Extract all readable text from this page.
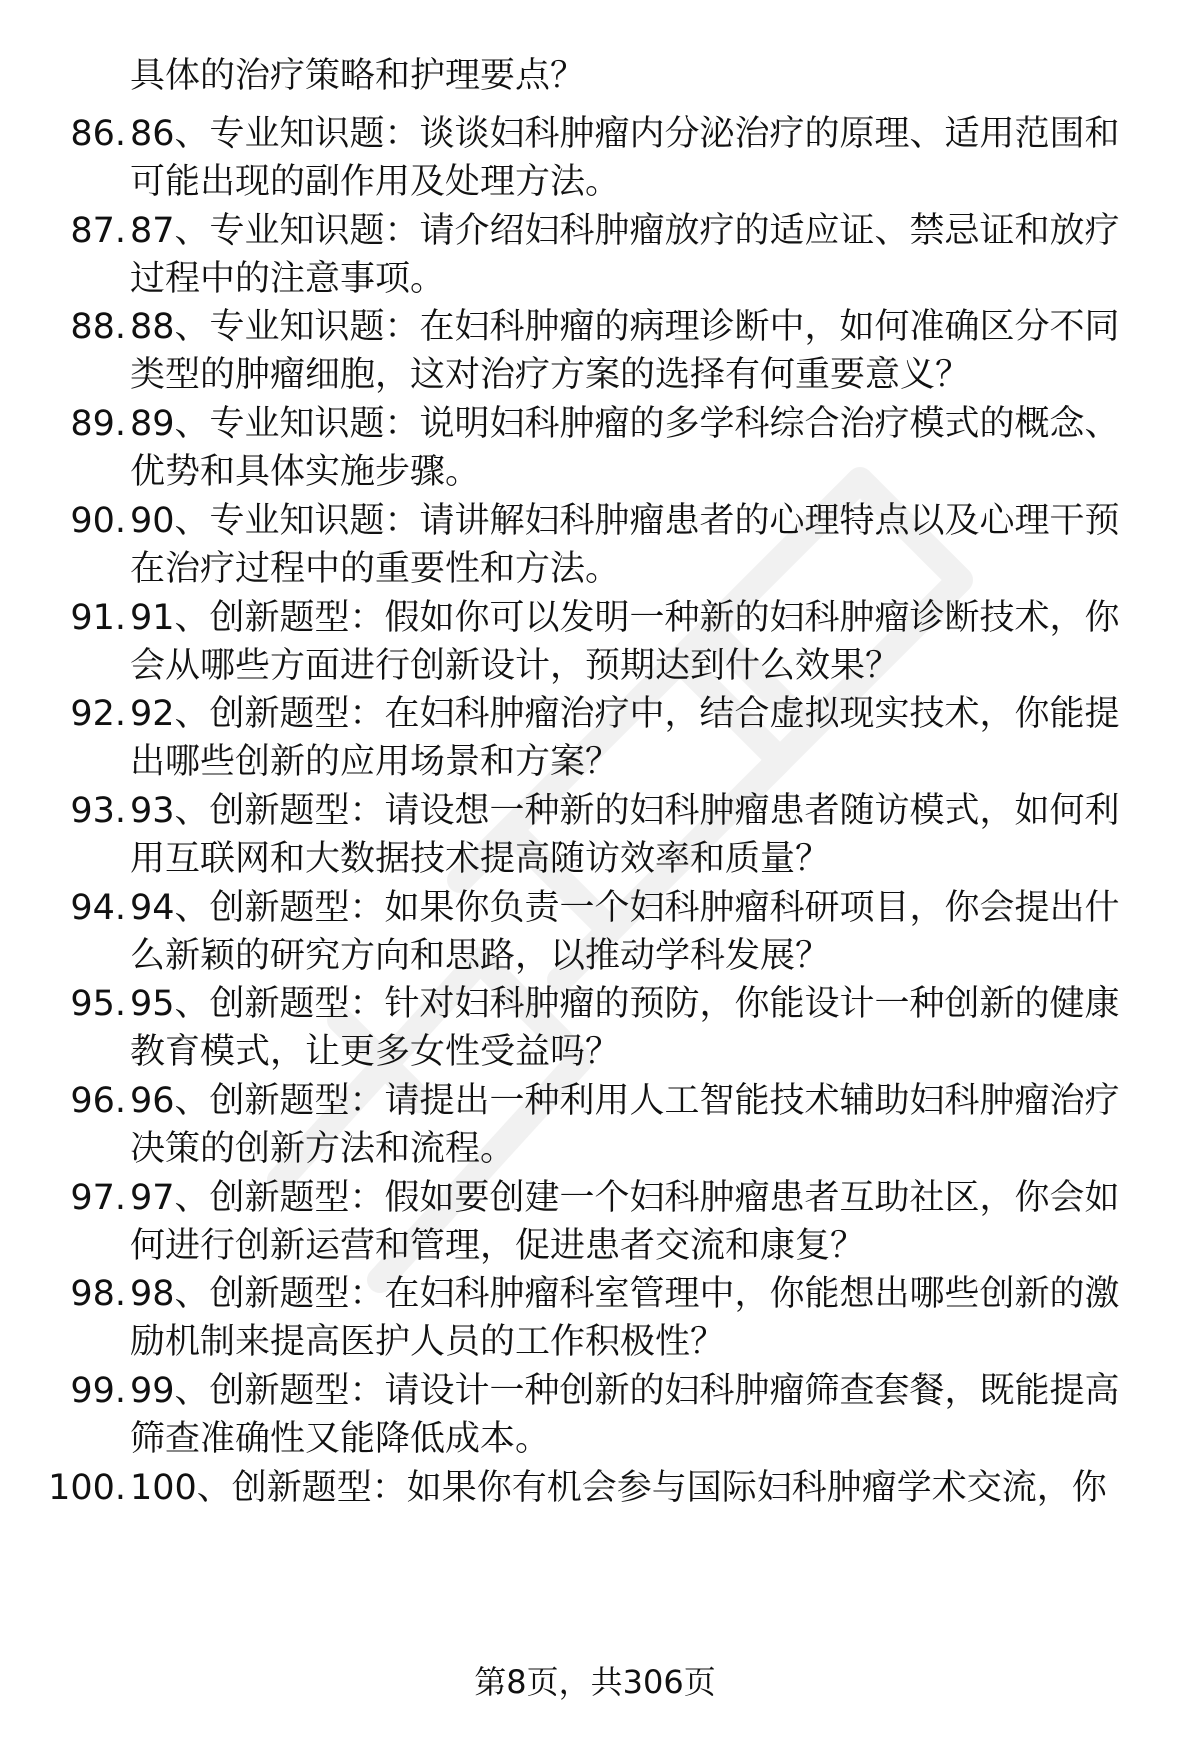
具体的治疗策略和护理要点？
86. 86、专业知识题：谈谈妇科肿瘤内分泌治疗的原理、适用范围和
可能出现的副作用及处理方法。
87. 87、专业知识题：请介绍妇科肿瘤放疗的适应证、禁忌证和放疗
过程中的注意事项。
88. 88、专业知识题：在妇科肿瘤的病理诊断中，如何准确区分不同
类型的肿瘤细胞，这对治疗方案的选择有何重要意义？
89. 89、专业知识题：说明妇科肿瘤的多学科综合治疗模式的概念、
优势和具体实施步骤。
90. 90、专业知识题：请讲解妇科肿瘤患者的心理特点以及心理干预
在治疗过程中的重要性和方法。
91. 91、创新题型：假如你可以发明一种新的妇科肿瘤诊断技术，你
会从哪些方面进行创新设计，预期达到什么效果？
92. 92、创新题型：在妇科肿瘤治疗中，结合虚拟现实技术，你能提
出哪些创新的应用场景和方案？
93. 93、创新题型：请设想一种新的妇科肿瘤患者随访模式，如何利
用互联网和大数据技术提高随访效率和质量？
94. 94、创新题型：如果你负责一个妇科肿瘤科研项目，你会提出什
么新颖的研究方向和思路，以推动学科发展？
95. 95、创新题型：针对妇科肿瘤的预防，你能设计一种创新的健康
教育模式，让更多女性受益吗？
96. 96、创新题型：请提出一种利用人工智能技术辅助妇科肿瘤治疗
决策的创新方法和流程。
97. 97、创新题型：假如要创建一个妇科肿瘤患者互助社区，你会如
何进行创新运营和管理，促进患者交流和康复？
98. 98、创新题型：在妇科肿瘤科室管理中，你能想出哪些创新的激
励机制来提高医护人员的工作积极性？
99. 99、创新题型：请设计一种创新的妇科肿瘤筛查套餐，既能提高
筛查准确性又能降低成本。
100. 100、创新题型：如果你有机会参与国际妇科肿瘤学术交流，你
第8页，共306页
